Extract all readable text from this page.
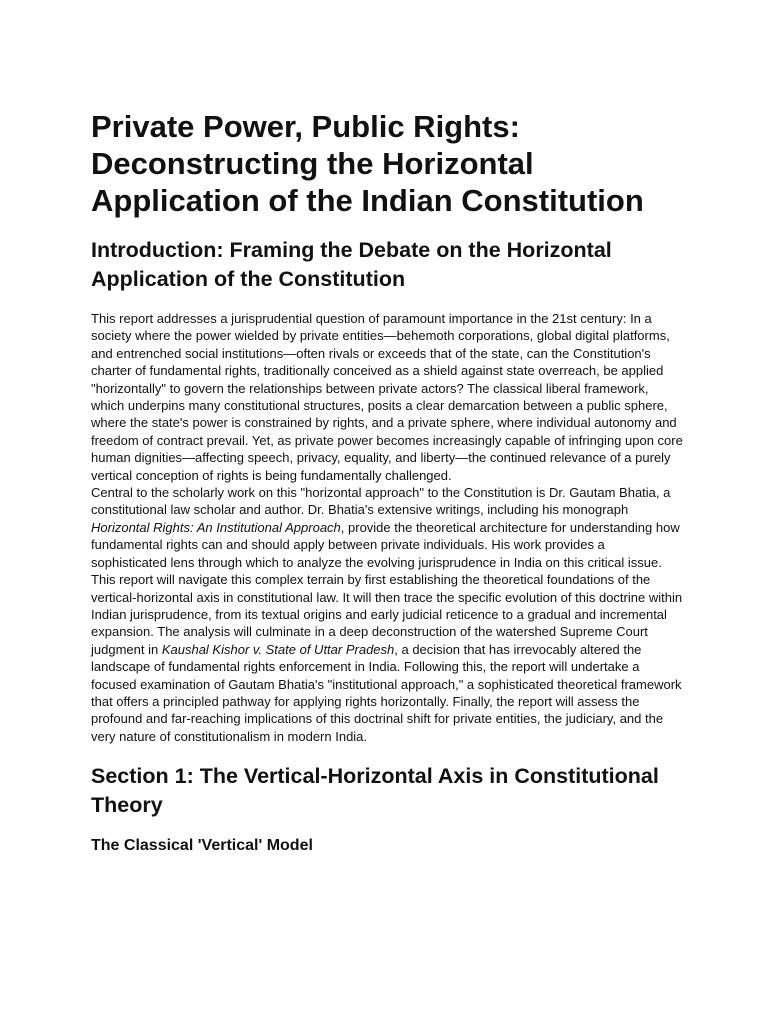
Private Power, Public Rights: Deconstructing the Horizontal Application of the Indian Constitution
Introduction: Framing the Debate on the Horizontal Application of the Constitution

This report addresses a jurisprudential question of paramount importance in the 21st century: In a society where the power wielded by private entities—behemoth corporations, global digital platforms, and entrenched social institutions—often rivals or exceeds that of the state, can the Constitution's charter of fundamental rights, traditionally conceived as a shield against state overreach, be applied "horizontally" to govern the relationships between private actors? The classical liberal framework, which underpins many constitutional structures, posits a clear demarcation between a public sphere, where the state's power is constrained by rights, and a private sphere, where individual autonomy and freedom of contract prevail. Yet, as private power becomes increasingly capable of infringing upon core human dignities—affecting speech, privacy, equality, and liberty—the continued relevance of a purely vertical conception of rights is being fundamentally challenged.

Central to the scholarly work on this "horizontal approach" to the Constitution is Dr. Gautam Bhatia, a constitutional law scholar and author. Dr. Bhatia's extensive writings, including his monograph Horizontal Rights: An Institutional Approach, provide the theoretical architecture for understanding how fundamental rights can and should apply between private individuals. His work provides a sophisticated lens through which to analyze the evolving jurisprudence in India on this critical issue.

This report will navigate this complex terrain by first establishing the theoretical foundations of the vertical-horizontal axis in constitutional law. It will then trace the specific evolution of this doctrine within Indian jurisprudence, from its textual origins and early judicial reticence to a gradual and incremental expansion. The analysis will culminate in a deep deconstruction of the watershed Supreme Court judgment in Kaushal Kishor v. State of Uttar Pradesh, a decision that has irrevocably altered the landscape of fundamental rights enforcement in India. Following this, the report will undertake a focused examination of Gautam Bhatia's "institutional approach," a sophisticated theoretical framework that offers a principled pathway for applying rights horizontally. Finally, the report will assess the profound and far-reaching implications of this doctrinal shift for private entities, the judiciary, and the very nature of constitutionalism in modern India.

Section 1: The Vertical-Horizontal Axis in Constitutional Theory
The Classical 'Vertical' Model
